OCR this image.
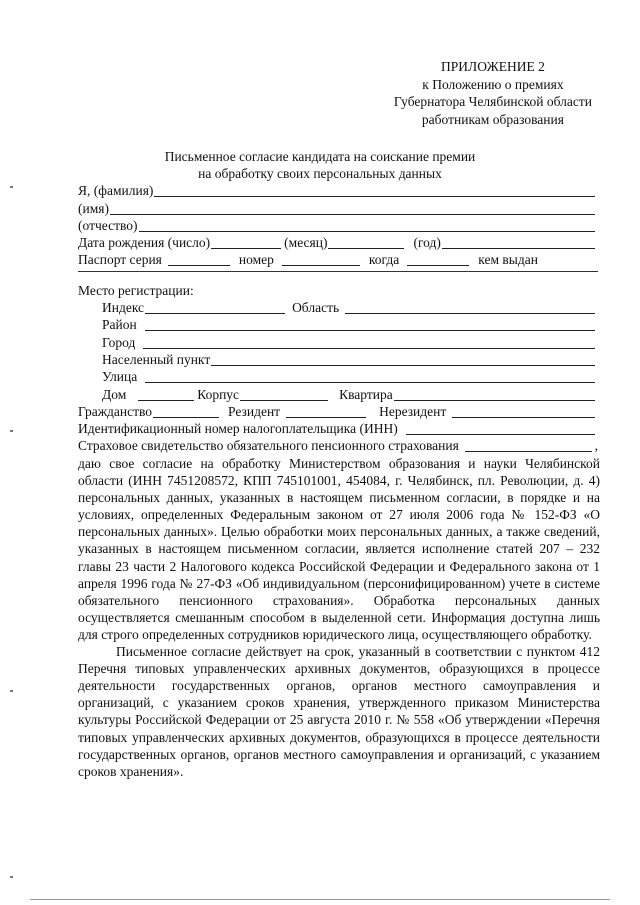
ПРИЛОЖЕНИЕ 2
к Положению о премиях
Губернатора Челябинской области
работникам образования
Письменное согласие кандидата на соискание премии
на обработку своих персональных данных
Я, (фамилия)
(имя)
(отчество)
Дата рождения (число)	(месяц)	(год)
Паспорт серия	номер	когда	кем выдан
Место регистрации:
Индекс	Область
Район
Город
Населенный пункт
Улица
Дом	Корпус	Квартира
Гражданство	Резидент	Нерезидент
Идентификационный номер налогоплательщика (ИНН)
Страховое свидетельство обязательного пенсионного страхования	,

даю свое согласие на обработку Министерством образования и науки Челябинской области (ИНН 7451208572, КПП 745101001, 454084, г. Челябинск, пл. Революции, д. 4) персональных данных, указанных в настоящем письменном согласии, в порядке и на условиях, определенных Федеральным законом от 27 июля 2006 года № 152-ФЗ «О персональных данных». Целью обработки моих персональных данных, а также сведений, указанных в настоящем письменном согласии, является исполнение статей 207 – 232 главы 23 части 2 Налогового кодекса Российской Федерации и Федерального закона от 1 апреля 1996 года № 27-ФЗ «Об индивидуальном (персонифицированном) учете в системе обязательного пенсионного страхования». Обработка персональных данных осуществляется смешанным способом в выделенной сети. Информация доступна лишь для строго определенных сотрудников юридического лица, осуществляющего обработку.

Письменное согласие действует на срок, указанный в соответствии с пунктом 412 Перечня типовых управленческих архивных документов, образующихся в процессе деятельности государственных органов, органов местного самоуправления и организаций, с указанием сроков хранения, утвержденного приказом Министерства культуры Российской Федерации от 25 августа 2010 г. № 558 «Об утверждении «Перечня типовых управленческих архивных документов, образующихся в процессе деятельности государственных органов, органов местного самоуправления и организаций, с указанием сроков хранения».
